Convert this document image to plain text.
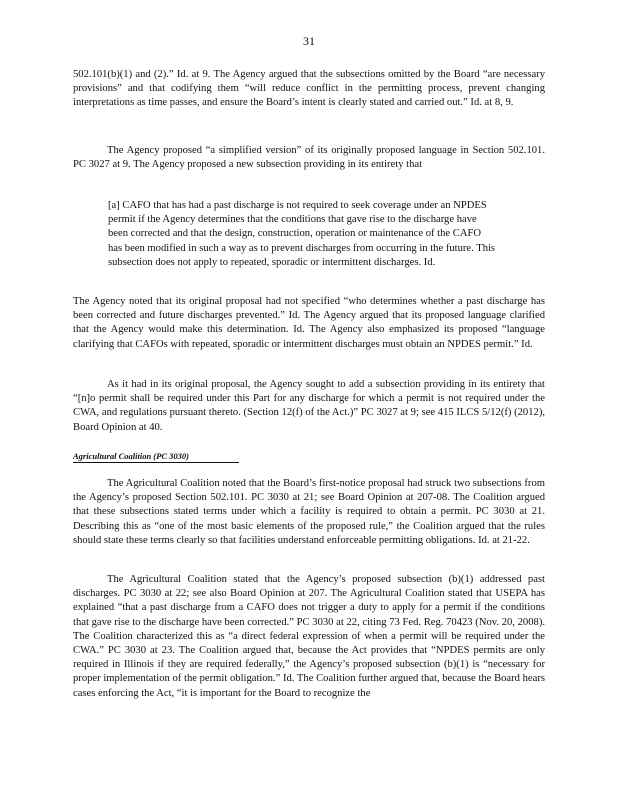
31

502.101(b)(1) and (2).” Id. at 9. The Agency argued that the subsections omitted by the Board “are necessary provisions” and that codifying them “will reduce conflict in the permitting process, prevent changing interpretations as time passes, and ensure the Board’s intent is clearly stated and carried out.” Id. at 8, 9.

The Agency proposed “a simplified version” of its originally proposed language in Section 502.101. PC 3027 at 9. The Agency proposed a new subsection providing in its entirety that

[a] CAFO that has had a past discharge is not required to seek coverage under an NPDES permit if the Agency determines that the conditions that gave rise to the discharge have been corrected and that the design, construction, operation or maintenance of the CAFO has been modified in such a way as to prevent discharges from occurring in the future. This subsection does not apply to repeated, sporadic or intermittent discharges. Id.

The Agency noted that its original proposal had not specified “who determines whether a past discharge has been corrected and future discharges prevented.” Id. The Agency argued that its proposed language clarified that the Agency would make this determination. Id. The Agency also emphasized its proposed “language clarifying that CAFOs with repeated, sporadic or intermittent discharges must obtain an NPDES permit.” Id.

As it had in its original proposal, the Agency sought to add a subsection providing in its entirety that “[n]o permit shall be required under this Part for any discharge for which a permit is not required under the CWA, and regulations pursuant thereto. (Section 12(f) of the Act.)” PC 3027 at 9; see 415 ILCS 5/12(f) (2012), Board Opinion at 40.

Agricultural Coalition (PC 3030)

The Agricultural Coalition noted that the Board’s first-notice proposal had struck two subsections from the Agency’s proposed Section 502.101. PC 3030 at 21; see Board Opinion at 207-08. The Coalition argued that these subsections stated terms under which a facility is required to obtain a permit. PC 3030 at 21. Describing this as “one of the most basic elements of the proposed rule,” the Coalition argued that the rules should state these terms clearly so that facilities understand enforceable permitting obligations. Id. at 21-22.

The Agricultural Coalition stated that the Agency’s proposed subsection (b)(1) addressed past discharges. PC 3030 at 22; see also Board Opinion at 207. The Agricultural Coalition stated that USEPA has explained “that a past discharge from a CAFO does not trigger a duty to apply for a permit if the conditions that gave rise to the discharge have been corrected.” PC 3030 at 22, citing 73 Fed. Reg. 70423 (Nov. 20, 2008). The Coalition characterized this as “a direct federal expression of when a permit will be required under the CWA.” PC 3030 at 23. The Coalition argued that, because the Act provides that “NPDES permits are only required in Illinois if they are required federally,” the Agency’s proposed subsection (b)(1) is “necessary for proper implementation of the permit obligation.” Id. The Coalition further argued that, because the Board hears cases enforcing the Act, “it is important for the Board to recognize the
